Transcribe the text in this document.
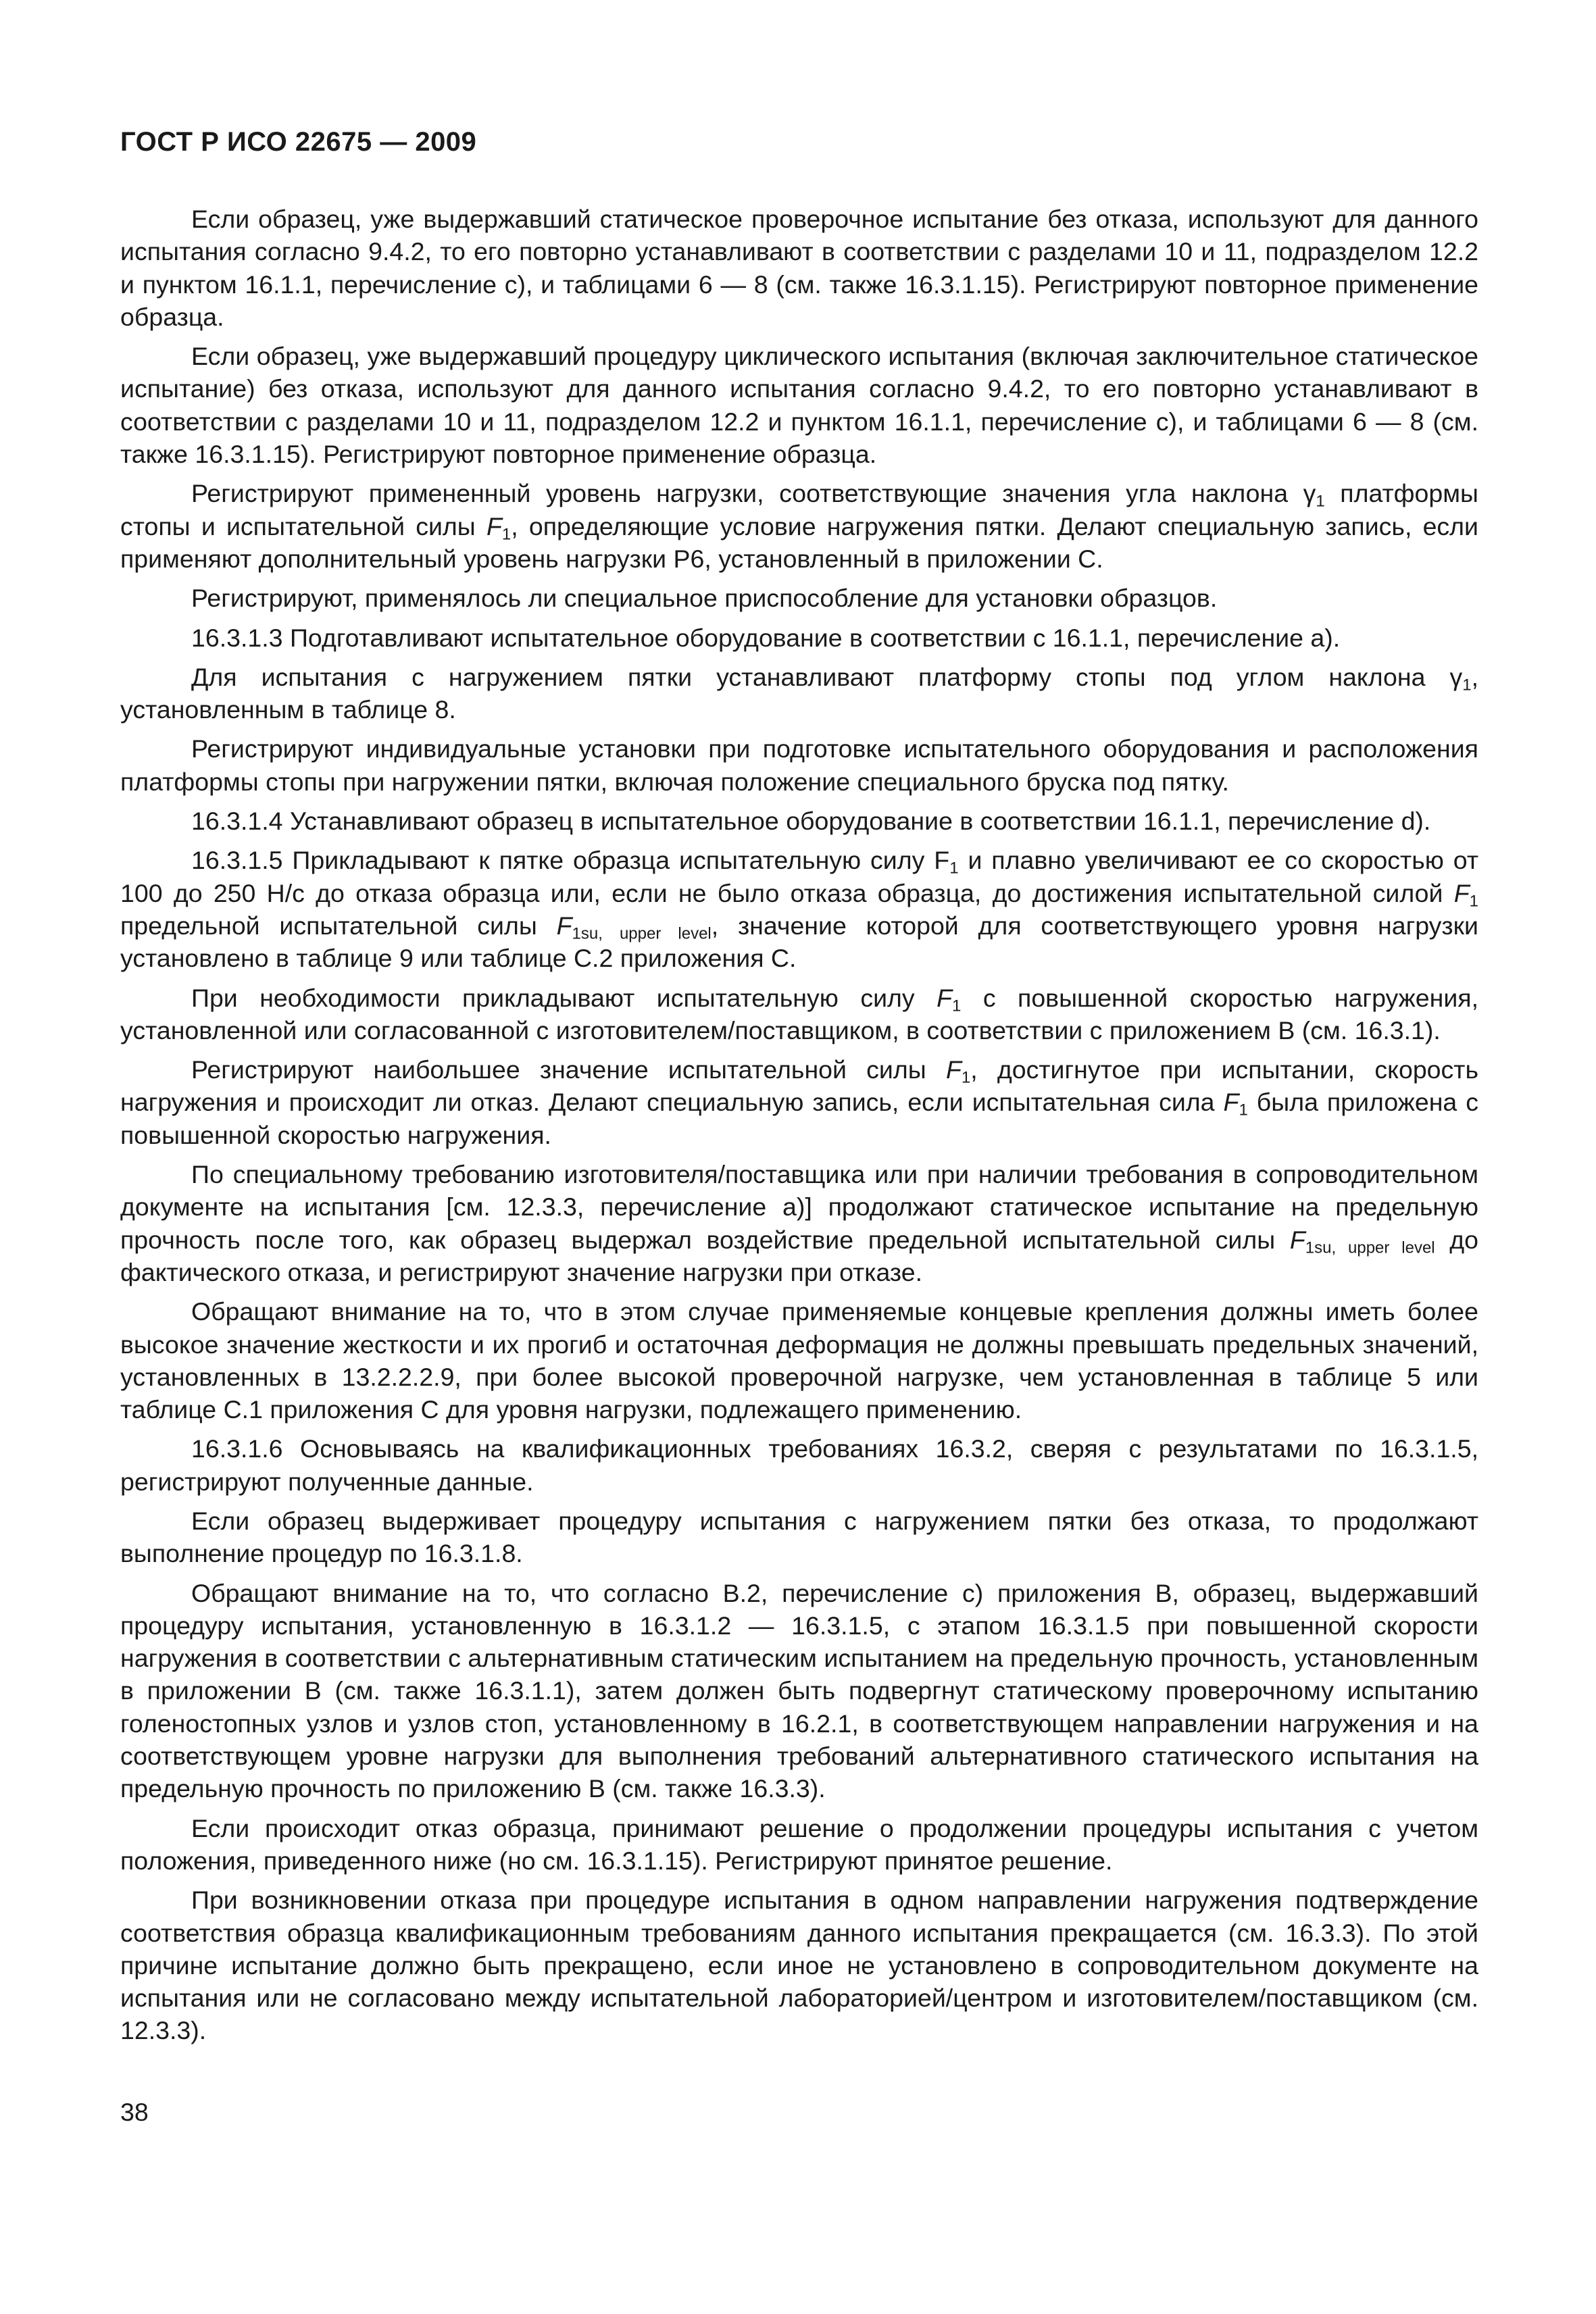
ГОСТ Р ИСО 22675 — 2009

Если образец, уже выдержавший статическое проверочное испытание без отказа, используют для данного испытания согласно 9.4.2, то его повторно устанавливают в соответствии с разделами 10 и 11, подразделом 12.2 и пунктом 16.1.1, перечисление с), и таблицами 6 — 8 (см. также 16.3.1.15). Регистрируют повторное применение образца.

Если образец, уже выдержавший процедуру циклического испытания (включая заключительное статическое испытание) без отказа, используют для данного испытания согласно 9.4.2, то его повторно устанавливают в соответствии с разделами 10 и 11, подразделом 12.2 и пунктом 16.1.1, перечисление с), и таблицами 6 — 8 (см. также 16.3.1.15). Регистрируют повторное применение образца.

Регистрируют примененный уровень нагрузки, соответствующие значения угла наклона $\gamma_1$ платформы стопы и испытательной силы $F_1$, определяющие условие нагружения пятки. Делают специальную запись, если применяют дополнительный уровень нагрузки Р6, установленный в приложении С.

Регистрируют, применялось ли специальное приспособление для установки образцов.

16.3.1.3 Подготавливают испытательное оборудование в соответствии с 16.1.1, перечисление а).

Для испытания с нагружением пятки устанавливают платформу стопы под углом наклона $\gamma_1$, установленным в таблице 8.

Регистрируют индивидуальные установки при подготовке испытательного оборудования и расположения платформы стопы при нагружении пятки, включая положение специального бруска под пятку.

16.3.1.4 Устанавливают образец в испытательное оборудование в соответствии 16.1.1, перечисление d).

16.3.1.5 Прикладывают к пятке образца испытательную силу $F_1$ и плавно увеличивают ее со скоростью от 100 до 250 Н/с до отказа образца или, если не было отказа образца, до достижения испытательной силой $F_1$ предельной испытательной силы $F_{1su, upper level}$, значение которой для соответствующего уровня нагрузки установлено в таблице 9 или таблице С.2 приложения С.

При необходимости прикладывают испытательную силу $F_1$ с повышенной скоростью нагружения, установленной или согласованной с изготовителем/поставщиком, в соответствии с приложением В (см. 16.3.1).

Регистрируют наибольшее значение испытательной силы $F_1$, достигнутое при испытании, скорость нагружения и происходит ли отказ. Делают специальную запись, если испытательная сила $F_1$ была приложена с повышенной скоростью нагружения.

По специальному требованию изготовителя/поставщика или при наличии требования в сопроводительном документе на испытания [см. 12.3.3, перечисление а)] продолжают статическое испытание на предельную прочность после того, как образец выдержал воздействие предельной испытательной силы $F_{1su, upper level}$ до фактического отказа, и регистрируют значение нагрузки при отказе.

Обращают внимание на то, что в этом случае применяемые концевые крепления должны иметь более высокое значение жесткости и их прогиб и остаточная деформация не должны превышать предельных значений, установленных в 13.2.2.2.9, при более высокой проверочной нагрузке, чем установленная в таблице 5 или таблице С.1 приложения С для уровня нагрузки, подлежащего применению.

16.3.1.6 Основываясь на квалификационных требованиях 16.3.2, сверяя с результатами по 16.3.1.5, регистрируют полученные данные.

Если образец выдерживает процедуру испытания с нагружением пятки без отказа, то продолжают выполнение процедур по 16.3.1.8.

Обращают внимание на то, что согласно В.2, перечисление с) приложения В, образец, выдержавший процедуру испытания, установленную в 16.3.1.2 — 16.3.1.5, с этапом 16.3.1.5 при повышенной скорости нагружения в соответствии с альтернативным статическим испытанием на предельную прочность, установленным в приложении В (см. также 16.3.1.1), затем должен быть подвергнут статическому проверочному испытанию голеностопных узлов и узлов стоп, установленному в 16.2.1, в соответствующем направлении нагружения и на соответствующем уровне нагрузки для выполнения требований альтернативного статического испытания на предельную прочность по приложению В (см. также 16.3.3).

Если происходит отказ образца, принимают решение о продолжении процедуры испытания с учетом положения, приведенного ниже (но см. 16.3.1.15). Регистрируют принятое решение.

При возникновении отказа при процедуре испытания в одном направлении нагружения подтверждение соответствия образца квалификационным требованиям данного испытания прекращается (см. 16.3.3). По этой причине испытание должно быть прекращено, если иное не установлено в сопроводительном документе на испытания или не согласовано между испытательной лабораторией/центром и изготовителем/поставщиком (см. 12.3.3).

38
